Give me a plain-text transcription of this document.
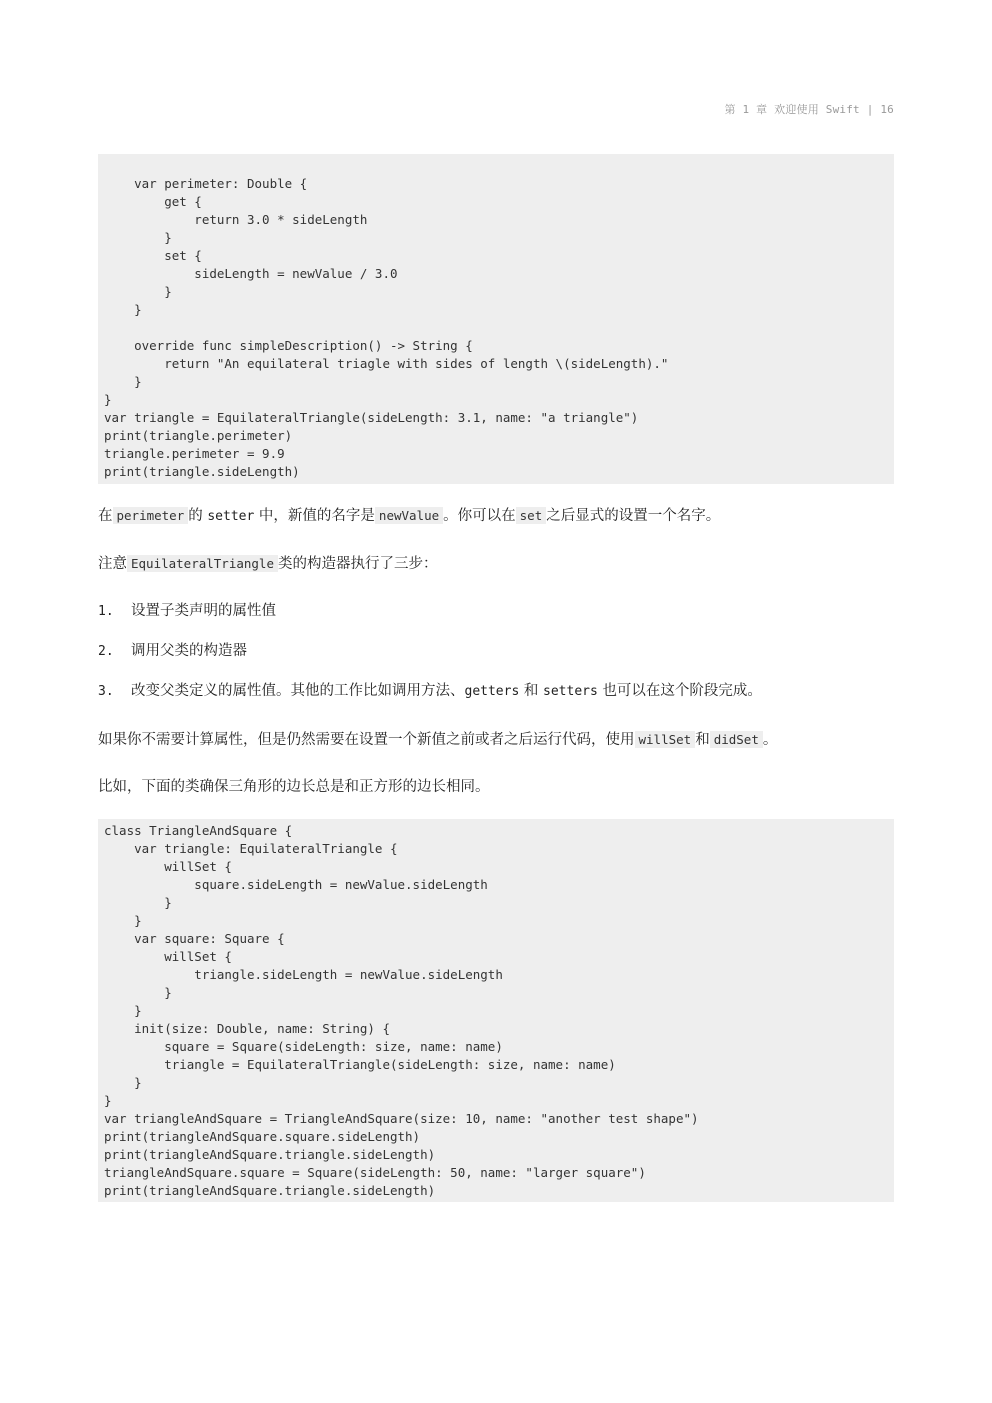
第 1 章 欢迎使用 Swift | 16
var perimeter: Double {
get {
return 3.0 * sideLength
}
set {
sideLength = newValue / 3.0
}
}
override func simpleDescription() -> String {
return "An equilateral triagle with sides of length \(sideLength)."
}
}
var triangle = EquilateralTriangle(sideLength: 3.1, name: "a triangle")
print(triangle.perimeter)
triangle.perimeter = 9.9
print(triangle.sideLength)
在 perimeter 的 setter 中，新值的名字是 newValue 。你可以在 set 之后显式的设置一个名字。
注意 EquilateralTriangle 类的构造器执行了三步：
1. 设置子类声明的属性值
2. 调用父类的构造器
3. 改变父类定义的属性值。其他的工作比如调用方法、getters 和 setters 也可以在这个阶段完成。
如果你不需要计算属性，但是仍然需要在设置一个新值之前或者之后运行代码，使用 willSet 和 didSet 。
比如，下面的类确保三角形的边长总是和正方形的边长相同。
class TriangleAndSquare {
var triangle: EquilateralTriangle {
willSet {
square.sideLength = newValue.sideLength
}
}
var square: Square {
willSet {
triangle.sideLength = newValue.sideLength
}
}
init(size: Double, name: String) {
square = Square(sideLength: size, name: name)
triangle = EquilateralTriangle(sideLength: size, name: name)
}
}
var triangleAndSquare = TriangleAndSquare(size: 10, name: "another test shape")
print(triangleAndSquare.square.sideLength)
print(triangleAndSquare.triangle.sideLength)
triangleAndSquare.square = Square(sideLength: 50, name: "larger square")
print(triangleAndSquare.triangle.sideLength)
